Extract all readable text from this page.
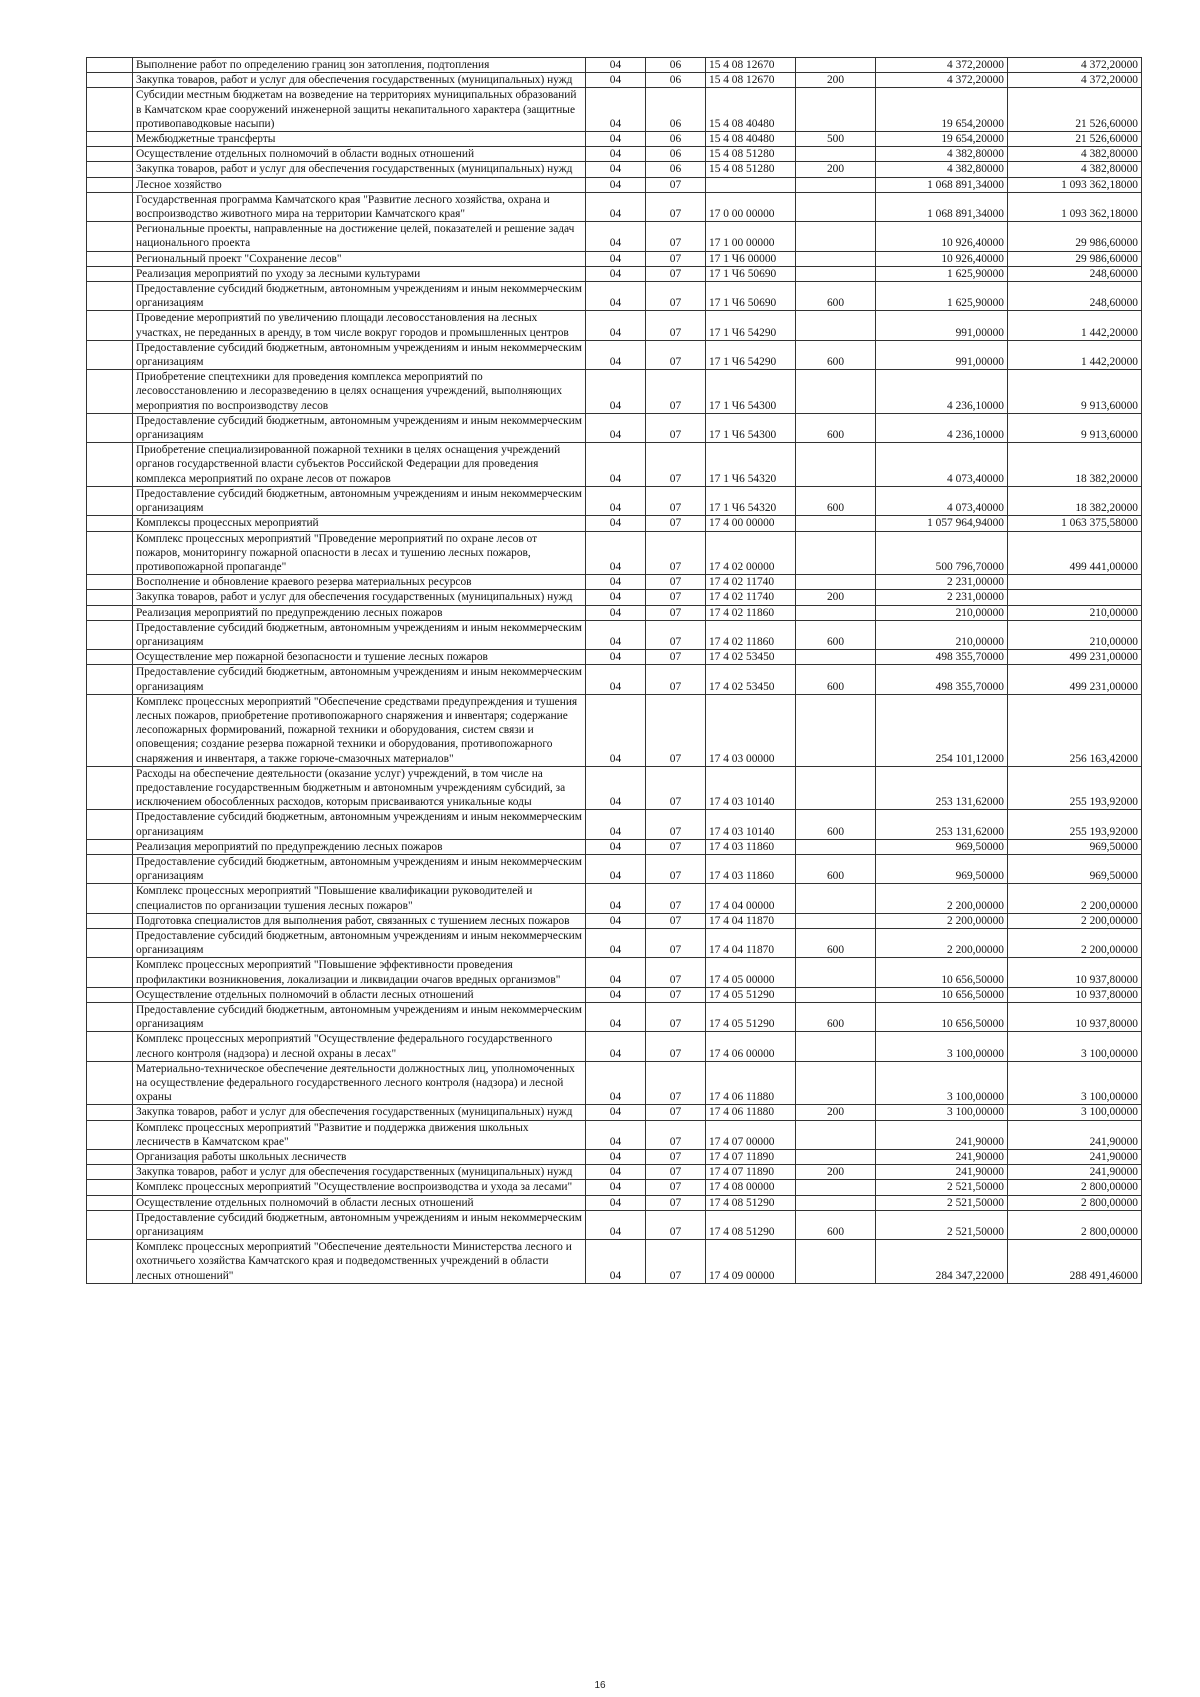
	Выполнение работ по определению границ зон затопления, подтопления	04	06	15 4 08 12670		4 372,20000	4 372,20000
	Закупка товаров, работ и услуг для обеспечения государственных (муниципальных) нужд	04	06	15 4 08 12670	200	4 372,20000	4 372,20000
	Субсидии местным бюджетам на возведение на территориях муниципальных образований в Камчатском крае сооружений инженерной защиты некапитального характера (защитные противопаводковые насыпи)	04	06	15 4 08 40480		19 654,20000	21 526,60000
	Межбюджетные трансферты	04	06	15 4 08 40480	500	19 654,20000	21 526,60000
	Осуществление отдельных полномочий в области водных отношений	04	06	15 4 08 51280		4 382,80000	4 382,80000
	Закупка товаров, работ и услуг для обеспечения государственных (муниципальных) нужд	04	06	15 4 08 51280	200	4 382,80000	4 382,80000
	Лесное хозяйство	04	07			1 068 891,34000	1 093 362,18000
	Государственная программа Камчатского края "Развитие лесного хозяйства, охрана и воспроизводство животного мира на территории Камчатского края"	04	07	17 0 00 00000		1 068 891,34000	1 093 362,18000
	Региональные проекты, направленные на достижение целей, показателей и решение задач национального проекта	04	07	17 1 00 00000		10 926,40000	29 986,60000
	Региональный проект "Сохранение лесов"	04	07	17 1 Ч6 00000		10 926,40000	29 986,60000
	Реализация мероприятий по уходу за лесными культурами	04	07	17 1 Ч6 50690		1 625,90000	248,60000
	Предоставление субсидий бюджетным, автономным учреждениям и иным некоммерческим организациям	04	07	17 1 Ч6 50690	600	1 625,90000	248,60000
	Проведение мероприятий по увеличению площади лесовосстановления на лесных участках, не переданных в аренду, в том числе вокруг городов и промышленных центров	04	07	17 1 Ч6 54290		991,00000	1 442,20000
	Предоставление субсидий бюджетным, автономным учреждениям и иным некоммерческим организациям	04	07	17 1 Ч6 54290	600	991,00000	1 442,20000
	Приобретение спецтехники для проведения комплекса мероприятий по лесовосстановлению и лесоразведению в целях оснащения учреждений, выполняющих мероприятия по воспроизводству лесов	04	07	17 1 Ч6 54300		4 236,10000	9 913,60000
	Предоставление субсидий бюджетным, автономным учреждениям и иным некоммерческим организациям	04	07	17 1 Ч6 54300	600	4 236,10000	9 913,60000
	Приобретение специализированной пожарной техники в целях оснащения учреждений органов государственной власти субъектов Российской Федерации для проведения комплекса мероприятий по охране лесов от пожаров	04	07	17 1 Ч6 54320		4 073,40000	18 382,20000
	Предоставление субсидий бюджетным, автономным учреждениям и иным некоммерческим организациям	04	07	17 1 Ч6 54320	600	4 073,40000	18 382,20000
	Комплексы процессных мероприятий	04	07	17 4 00 00000		1 057 964,94000	1 063 375,58000
	Комплекс процессных мероприятий "Проведение мероприятий по охране лесов от пожаров, мониторингу пожарной опасности в лесах и тушению лесных пожаров, противопожарной пропаганде"	04	07	17 4 02 00000		500 796,70000	499 441,00000
	Восполнение и обновление краевого резерва материальных ресурсов	04	07	17 4 02 11740		2 231,00000	
	Закупка товаров, работ и услуг для обеспечения государственных (муниципальных) нужд	04	07	17 4 02 11740	200	2 231,00000	
	Реализация мероприятий по предупреждению лесных пожаров	04	07	17 4 02 11860		210,00000	210,00000
	Предоставление субсидий бюджетным, автономным учреждениям и иным некоммерческим организациям	04	07	17 4 02 11860	600	210,00000	210,00000
	Осуществление мер пожарной безопасности и тушение лесных пожаров	04	07	17 4 02 53450		498 355,70000	499 231,00000
	Предоставление субсидий бюджетным, автономным учреждениям и иным некоммерческим организациям	04	07	17 4 02 53450	600	498 355,70000	499 231,00000
	Комплекс процессных мероприятий "Обеспечение средствами предупреждения и тушения лесных пожаров, приобретение противопожарного снаряжения и инвентаря; содержание лесопожарных формирований, пожарной техники и оборудования, систем связи и оповещения; создание резерва пожарной техники и оборудования, противопожарного снаряжения и инвентаря, а также горюче-смазочных материалов"	04	07	17 4 03 00000		254 101,12000	256 163,42000
	Расходы на обеспечение деятельности (оказание услуг) учреждений, в том числе на предоставление государственным бюджетным и автономным учреждениям субсидий, за исключением обособленных расходов, которым присваиваются уникальные коды	04	07	17 4 03 10140		253 131,62000	255 193,92000
	Предоставление субсидий бюджетным, автономным учреждениям и иным некоммерческим организациям	04	07	17 4 03 10140	600	253 131,62000	255 193,92000
	Реализация мероприятий по предупреждению лесных пожаров	04	07	17 4 03 11860		969,50000	969,50000
	Предоставление субсидий бюджетным, автономным учреждениям и иным некоммерческим организациям	04	07	17 4 03 11860	600	969,50000	969,50000
	Комплекс процессных мероприятий "Повышение квалификации руководителей и специалистов по организации тушения лесных пожаров"	04	07	17 4 04 00000		2 200,00000	2 200,00000
	Подготовка специалистов для выполнения работ, связанных с тушением лесных пожаров	04	07	17 4 04 11870		2 200,00000	2 200,00000
	Предоставление субсидий бюджетным, автономным учреждениям и иным некоммерческим организациям	04	07	17 4 04 11870	600	2 200,00000	2 200,00000
	Комплекс процессных мероприятий "Повышение эффективности проведения профилактики возникновения, локализации и ликвидации очагов вредных организмов"	04	07	17 4 05 00000		10 656,50000	10 937,80000
	Осуществление отдельных полномочий в области лесных отношений	04	07	17 4 05 51290		10 656,50000	10 937,80000
	Предоставление субсидий бюджетным, автономным учреждениям и иным некоммерческим организациям	04	07	17 4 05 51290	600	10 656,50000	10 937,80000
	Комплекс процессных мероприятий "Осуществление федерального государственного лесного контроля (надзора) и лесной охраны в лесах"	04	07	17 4 06 00000		3 100,00000	3 100,00000
	Материально-техническое обеспечение деятельности должностных лиц, уполномоченных на осуществление федерального государственного лесного контроля (надзора) и лесной охраны	04	07	17 4 06 11880		3 100,00000	3 100,00000
	Закупка товаров, работ и услуг для обеспечения государственных (муниципальных) нужд	04	07	17 4 06 11880	200	3 100,00000	3 100,00000
	Комплекс процессных мероприятий "Развитие и поддержка движения школьных лесничеств в Камчатском крае"	04	07	17 4 07 00000		241,90000	241,90000
	Организация работы школьных лесничеств	04	07	17 4 07 11890		241,90000	241,90000
	Закупка товаров, работ и услуг для обеспечения государственных (муниципальных) нужд	04	07	17 4 07 11890	200	241,90000	241,90000
	Комплекс процессных мероприятий "Осуществление воспроизводства и ухода за лесами"	04	07	17 4 08 00000		2 521,50000	2 800,00000
	Осуществление отдельных полномочий в области лесных отношений	04	07	17 4 08 51290		2 521,50000	2 800,00000
	Предоставление субсидий бюджетным, автономным учреждениям и иным некоммерческим организациям	04	07	17 4 08 51290	600	2 521,50000	2 800,00000
	Комплекс процессных мероприятий "Обеспечение деятельности Министерства лесного и охотничьего хозяйства Камчатского края и подведомственных учреждений в области лесных отношений"	04	07	17 4 09 00000		284 347,22000	288 491,46000
16
